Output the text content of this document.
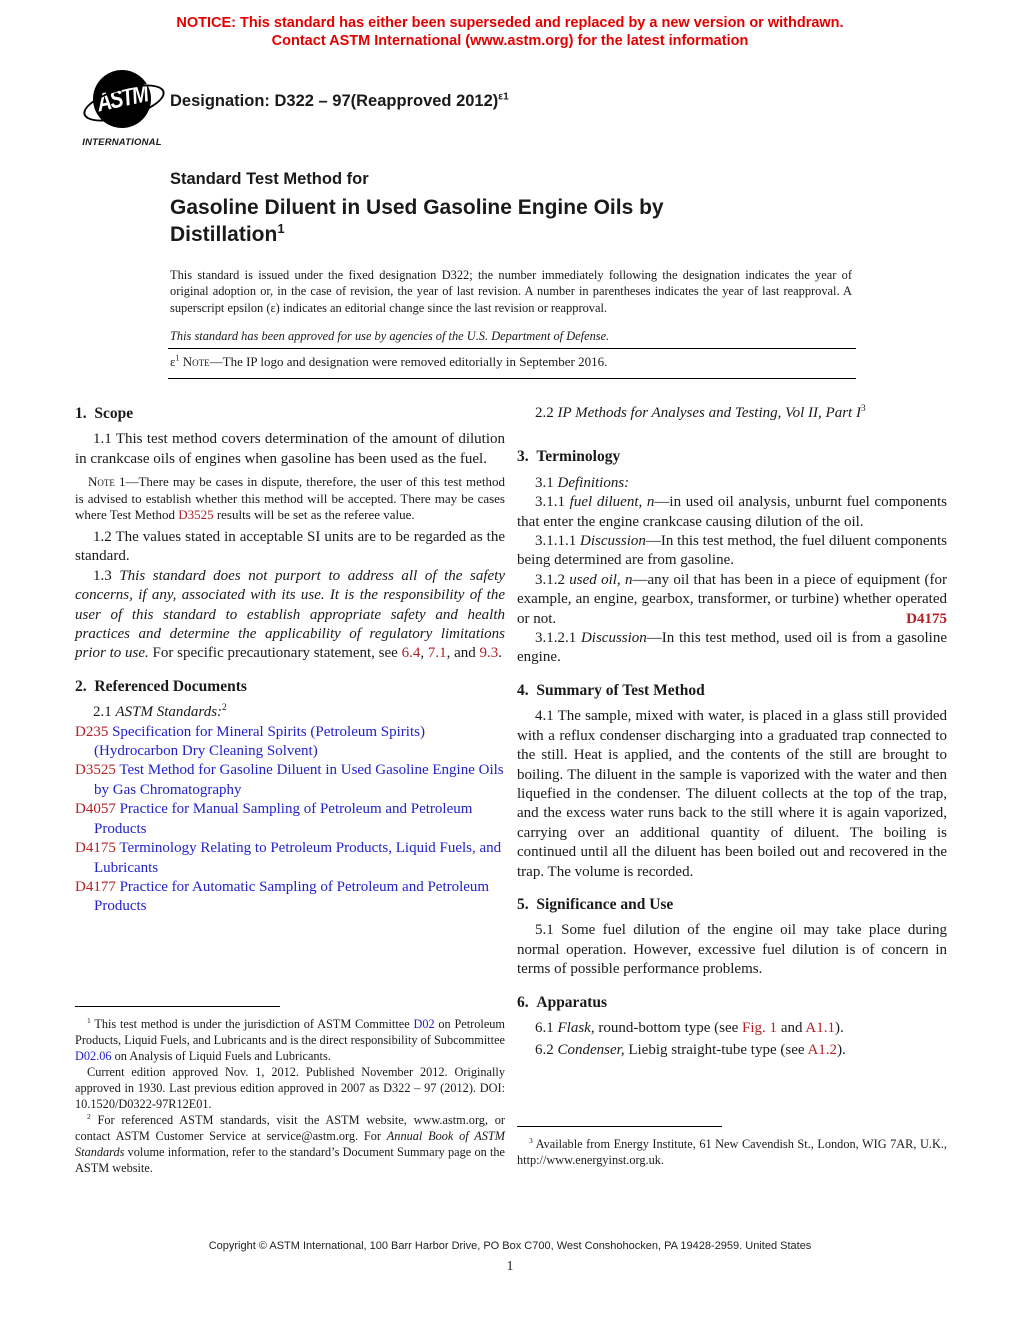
NOTICE: This standard has either been superseded and replaced by a new version or withdrawn.
Contact ASTM International (www.astm.org) for the latest information
ASTM
INTERNATIONAL
Designation: D322 – 97(Reapproved 2012)$^{\varepsilon 1}$
Standard Test Method for
Gasoline Diluent in Used Gasoline Engine Oils by Distillation$^1$
This standard is issued under the fixed designation D322; the number immediately following the designation indicates the year of original adoption or, in the case of revision, the year of last revision. A number in parentheses indicates the year of last reapproval. A superscript epsilon (ε) indicates an editorial change since the last revision or reapproval.
This standard has been approved for use by agencies of the U.S. Department of Defense.
$\varepsilon^1$ Note—The IP logo and designation were removed editorially in September 2016.
1. Scope

1.1 This test method covers determination of the amount of dilution in crankcase oils of engines when gasoline has been used as the fuel.

Note 1—There may be cases in dispute, therefore, the user of this test method is advised to establish whether this method will be accepted. There may be cases where Test Method D3525 results will be set as the referee value.

1.2 The values stated in acceptable SI units are to be regarded as the standard.

1.3 This standard does not purport to address all of the safety concerns, if any, associated with its use. It is the responsibility of the user of this standard to establish appropriate safety and health practices and determine the applicability of regulatory limitations prior to use. For specific precautionary statement, see 6.4, 7.1, and 9.3.

2. Referenced Documents

2.1 ASTM Standards:$^2$

D235 Specification for Mineral Spirits (Petroleum Spirits) (Hydrocarbon Dry Cleaning Solvent)

D3525 Test Method for Gasoline Diluent in Used Gasoline Engine Oils by Gas Chromatography

D4057 Practice for Manual Sampling of Petroleum and Petroleum Products

D4175 Terminology Relating to Petroleum Products, Liquid Fuels, and Lubricants

D4177 Practice for Automatic Sampling of Petroleum and Petroleum Products

2.2 IP Methods for Analyses and Testing, Vol II, Part $I^3$

3. Terminology

3.1 Definitions:

3.1.1 fuel diluent, n—in used oil analysis, unburnt fuel components that enter the engine crankcase causing dilution of the oil.

3.1.1.1 Discussion—In this test method, the fuel diluent components being determined are from gasoline.

3.1.2 used oil, n—any oil that has been in a piece of equipment (for example, an engine, gearbox, transformer, or turbine) whether operated or not.	D4175

3.1.2.1 Discussion—In this test method, used oil is from a gasoline engine.

4. Summary of Test Method

4.1 The sample, mixed with water, is placed in a glass still provided with a reflux condenser discharging into a graduated trap connected to the still. Heat is applied, and the contents of the still are brought to boiling. The diluent in the sample is vaporized with the water and then liquefied in the condenser. The diluent collects at the top of the trap, and the excess water runs back to the still where it is again vaporized, carrying over an additional quantity of diluent. The boiling is continued until all the diluent has been boiled out and recovered in the trap. The volume is recorded.

5. Significance and Use

5.1 Some fuel dilution of the engine oil may take place during normal operation. However, excessive fuel dilution is of concern in terms of possible performance problems.

6. Apparatus

6.1 Flask, round-bottom type (see Fig. 1 and A1.1).

6.2 Condenser, Liebig straight-tube type (see A1.2).

$^1$ This test method is under the jurisdiction of ASTM Committee D02 on Petroleum Products, Liquid Fuels, and Lubricants and is the direct responsibility of Subcommittee D02.06 on Analysis of Liquid Fuels and Lubricants.

Current edition approved Nov. 1, 2012. Published November 2012. Originally approved in 1930. Last previous edition approved in 2007 as D322 – 97 (2012). DOI: 10.1520/D0322-97R12E01.

$^2$ For referenced ASTM standards, visit the ASTM website, www.astm.org, or contact ASTM Customer Service at service@astm.org. For Annual Book of ASTM Standards volume information, refer to the standard’s Document Summary page on the ASTM website.

$^3$ Available from Energy Institute, 61 New Cavendish St., London, WIG 7AR, U.K., http://www.energyinst.org.uk.

Copyright © ASTM International, 100 Barr Harbor Drive, PO Box C700, West Conshohocken, PA 19428-2959. United States
1
